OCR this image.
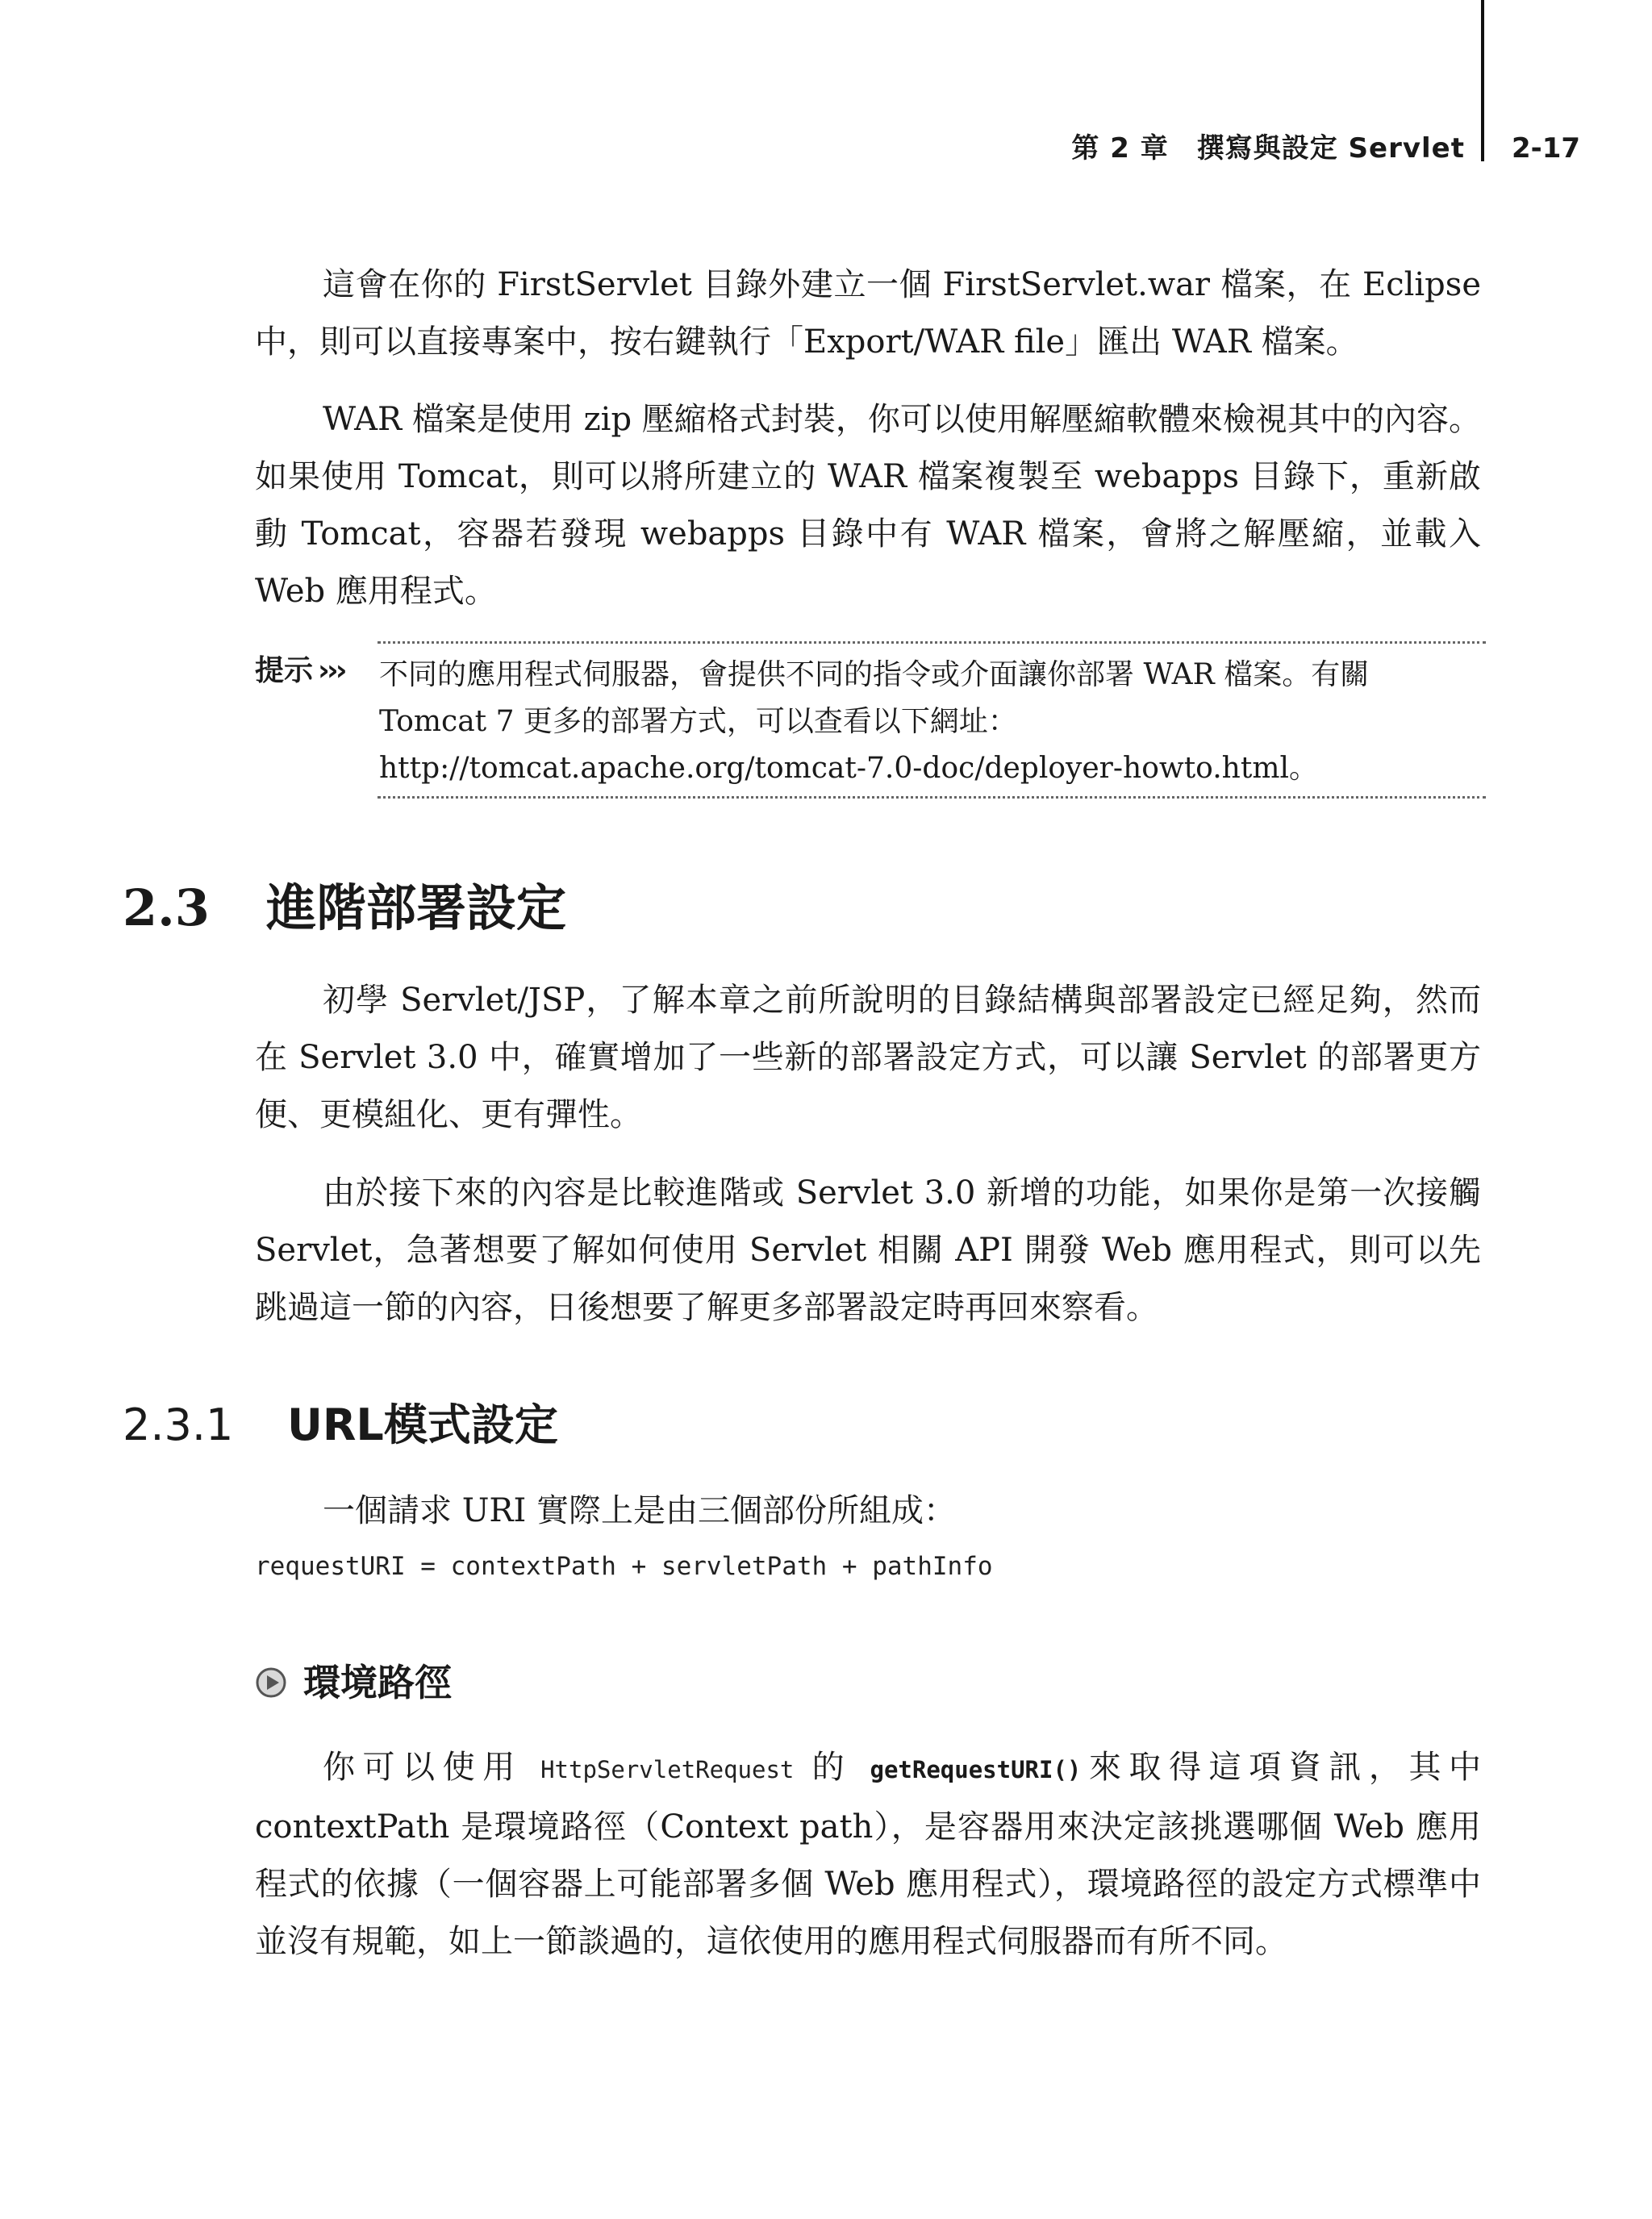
第 2 章　撰寫與設定 Servlet 2-17

這會在你的 FirstServlet 目錄外建立一個 FirstServlet.war 檔案，在 Eclipse 中，則可以直接專案中，按右鍵執行「Export/WAR file」匯出 WAR 檔案。

WAR 檔案是使用 zip 壓縮格式封裝，你可以使用解壓縮軟體來檢視其中的內容。如果使用 Tomcat，則可以將所建立的 WAR 檔案複製至 webapps 目錄下，重新啟動 Tomcat，容器若發現 webapps 目錄中有 WAR 檔案，會將之解壓縮，並載入 Web 應用程式。

提示 ››› 不同的應用程式伺服器，會提供不同的指令或介面讓你部署 WAR 檔案。有關
Tomcat 7 更多的部署方式，可以查看以下網址：
http://tomcat.apache.org/tomcat-7.0-doc/deployer-howto.html。
2.3 進階部署設定

初學 Servlet/JSP，了解本章之前所說明的目錄結構與部署設定已經足夠，然而在 Servlet 3.0 中，確實增加了一些新的部署設定方式，可以讓 Servlet 的部署更方便、更模組化、更有彈性。

由於接下來的內容是比較進階或 Servlet 3.0 新增的功能，如果你是第一次接觸 Servlet，急著想要了解如何使用 Servlet 相關 API 開發 Web 應用程式，則可以先跳過這一節的內容，日後想要了解更多部署設定時再回來察看。

2.3.1 URL模式設定

一個請求 URI 實際上是由三個部份所組成：

requestURI = contextPath + servletPath + pathInfo
環境路徑

你可以使用 HttpServletRequest 的 getRequestURI()來取得這項資訊，其中 contextPath 是環境路徑（Context path），是容器用來決定該挑選哪個 Web 應用程式的依據（一個容器上可能部署多個 Web 應用程式），環境路徑的設定方式標準中並沒有規範，如上一節談過的，這依使用的應用程式伺服器而有所不同。
